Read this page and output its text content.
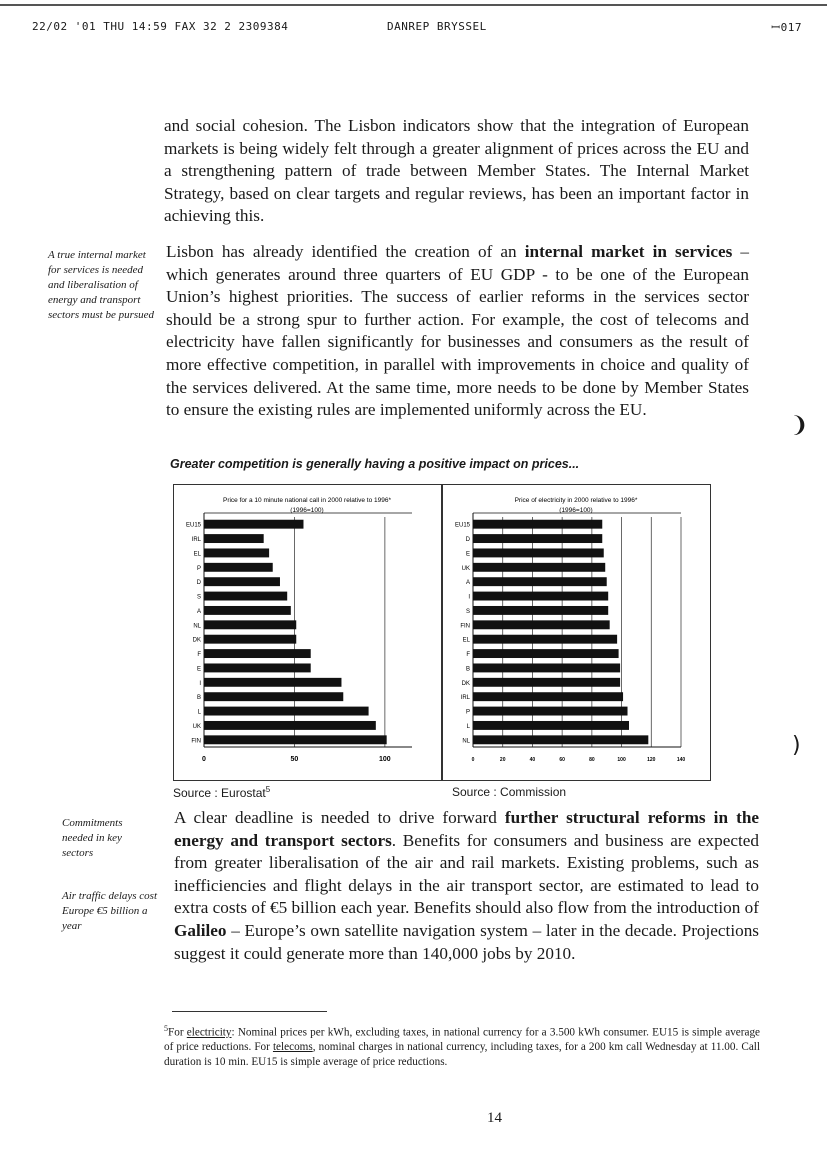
22/02 '01 THU 14:59 FAX 32 2 2309384	DANREP BRYSSEL	ꟷ017

and social cohesion. The Lisbon indicators show that the integration of European markets is being widely felt through a greater alignment of prices across the EU and a strengthening pattern of trade between Member States. The Internal Market Strategy, based on clear targets and regular reviews, has been an important factor in achieving this.

A true internal market for services is needed and liberalisation of energy and transport sectors must be pursued

Lisbon has already identified the creation of an internal market in services – which generates around three quarters of EU GDP - to be one of the European Union’s highest priorities. The success of earlier reforms in the services sector should be a strong spur to further action. For example, the cost of telecoms and electricity have fallen significantly for businesses and consumers as the result of more effective competition, in parallel with improvements in choice and quality of the services delivered. At the same time, more needs to be done by Member States to ensure the existing rules are implemented uniformly across the EU.

Greater competition is generally having a positive impact on prices...
Price for a 10 minute national call in 2000 relative to 1996*
(1996=100)
0	50	100
EU15
IRL
EL
P
D
S
A
NL
DK
F
E
I
B
L
UK
FIN
Price of electricity in 2000 relative to 1996*
(1996=100)
0	20	40	60	80	100	120	140
EU15
D
E
UK
A
I
S
FIN
EL
F
B
DK
IRL
P
L
NL
Source : Eurostat$^5$	Source : Commission

Commitments needed in key sectors

Air traffic delays cost Europe €5 billion a year

A clear deadline is needed to drive forward further structural reforms in the energy and transport sectors. Benefits for consumers and business are expected from greater liberalisation of the air and rail markets. Existing problems, such as inefficiencies and flight delays in the air transport sector, are estimated to lead to extra costs of €5 billion each year. Benefits should also flow from the introduction of Galileo – Europe’s own satellite navigation system – later in the decade. Projections suggest it could generate more than 140,000 jobs by 2010.

$^5$For electricity: Nominal prices per kWh, excluding taxes, in national currency for a 3.500 kWh consumer. EU15 is simple average of price reductions. For telecoms, nominal charges in national currency, including taxes, for a 200 km call Wednesday at 11.00. Call duration is 10 min. EU15 is simple average of price reductions.

14
❩
)
